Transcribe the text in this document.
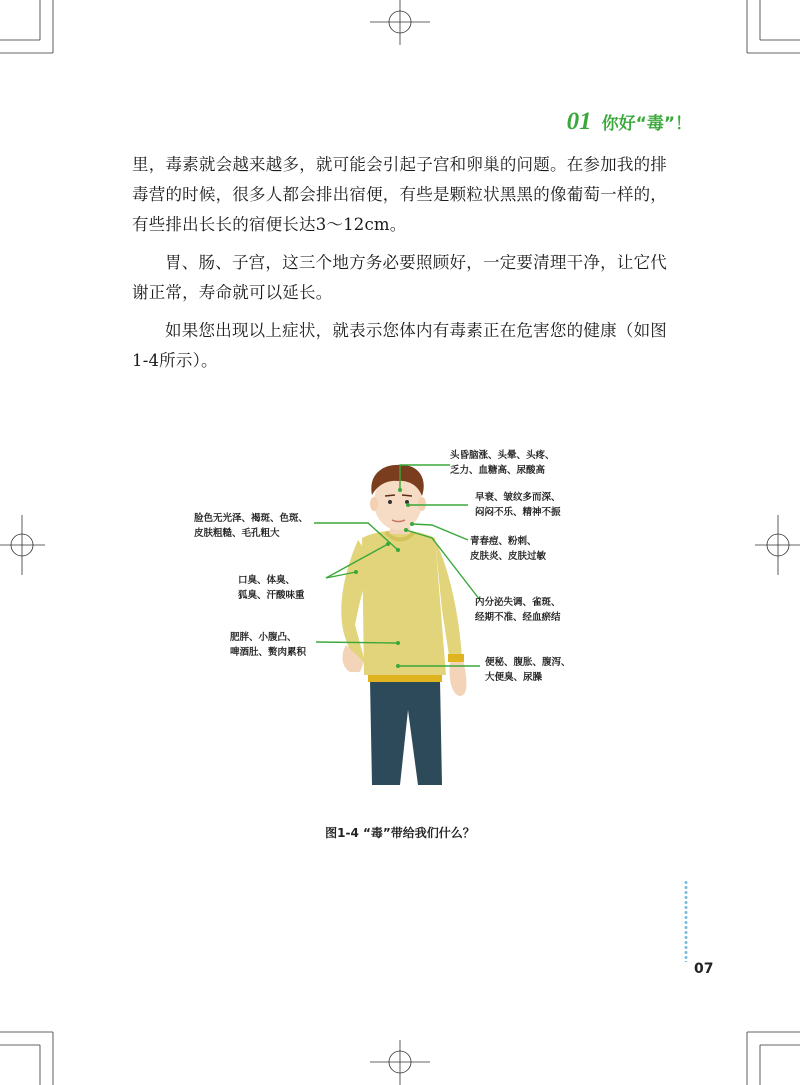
01 你好“毒”！

里，毒素就会越来越多，就可能会引起子宫和卵巢的问题。在参加我的排毒营的时候，很多人都会排出宿便，有些是颗粒状黑黑的像葡萄一样的，有些排出长长的宿便长达3～12cm。

胃、肠、子宫，这三个地方务必要照顾好，一定要清理干净，让它代谢正常，寿命就可以延长。

如果您出现以上症状，就表示您体内有毒素正在危害您的健康（如图1-4所示）。

头昏脑涨、头晕、头疼、
乏力、血糖高、尿酸高
早衰、皱纹多而深、
闷闷不乐、精神不振
青春痘、粉刺、
皮肤炎、皮肤过敏
内分泌失调、雀斑、
经期不准、经血瘀结
便秘、腹胀、腹泻、
大便臭、尿臊
脸色无光泽、褐斑、色斑、
皮肤粗糙、毛孔粗大
口臭、体臭、
狐臭、汗酸味重
肥胖、小腹凸、
啤酒肚、赘肉累积
图1-4 “毒”带给我们什么？
07
